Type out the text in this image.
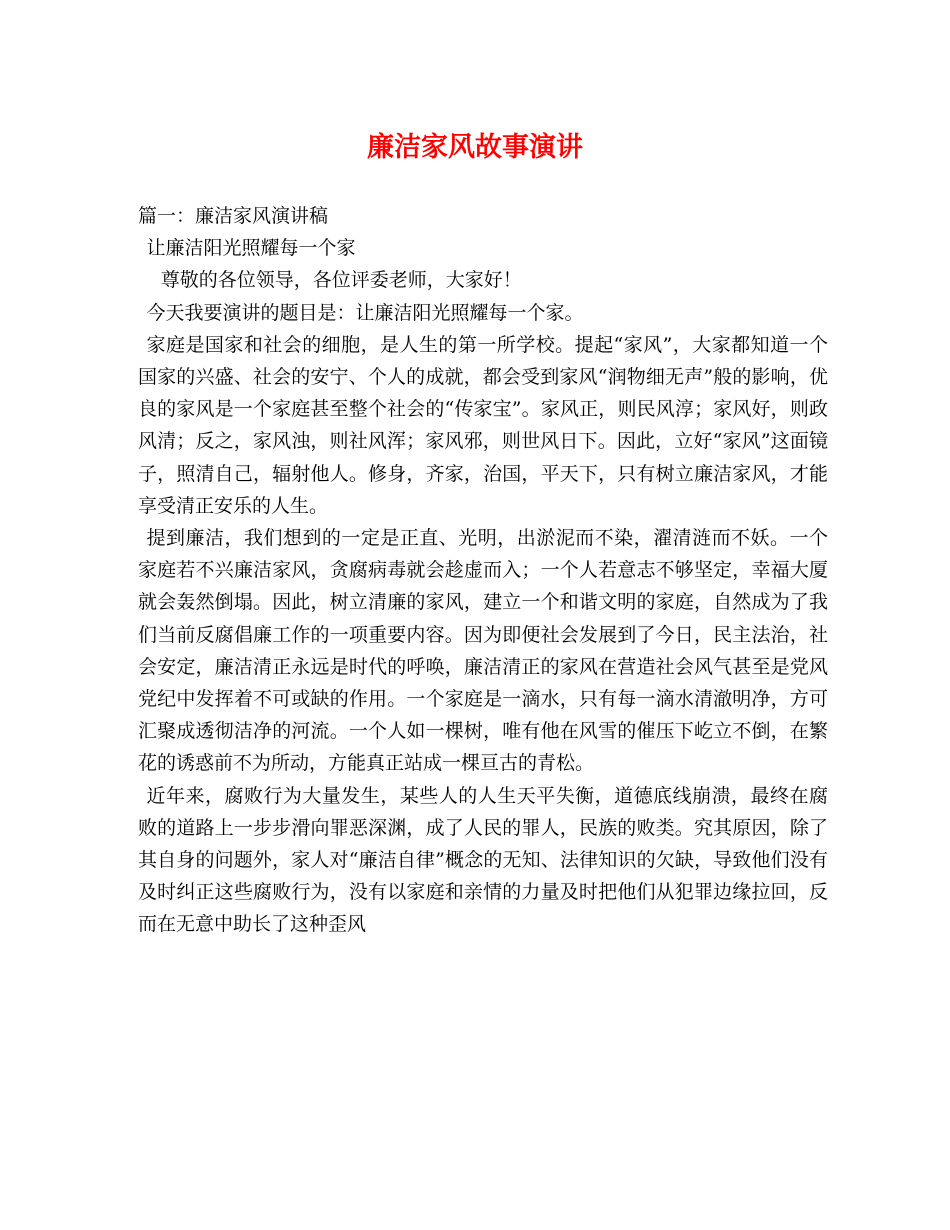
廉洁家风故事演讲

篇一：廉洁家风演讲稿

让廉洁阳光照耀每一个家

尊敬的各位领导，各位评委老师，大家好！

今天我要演讲的题目是：让廉洁阳光照耀每一个家。

家庭是国家和社会的细胞，是人生的第一所学校。提起“家风”，大家都知道一个国家的兴盛、社会的安宁、个人的成就，都会受到家风“润物细无声”般的影响，优良的家风是一个家庭甚至整个社会的“传家宝”。家风正，则民风淳；家风好，则政风清；反之，家风浊，则社风浑；家风邪，则世风日下。因此，立好“家风”这面镜子，照清自己，辐射他人。修身，齐家，治国，平天下，只有树立廉洁家风，才能享受清正安乐的人生。

提到廉洁，我们想到的一定是正直、光明，出淤泥而不染，濯清涟而不妖。一个家庭若不兴廉洁家风，贪腐病毒就会趁虚而入；一个人若意志不够坚定，幸福大厦就会轰然倒塌。因此，树立清廉的家风，建立一个和谐文明的家庭，自然成为了我们当前反腐倡廉工作的一项重要内容。因为即便社会发展到了今日，民主法治，社会安定，廉洁清正永远是时代的呼唤，廉洁清正的家风在营造社会风气甚至是党风党纪中发挥着不可或缺的作用。一个家庭是一滴水，只有每一滴水清澈明净，方可汇聚成透彻洁净的河流。一个人如一棵树，唯有他在风雪的催压下屹立不倒，在繁花的诱惑前不为所动，方能真正站成一棵亘古的青松。

近年来，腐败行为大量发生，某些人的人生天平失衡，道德底线崩溃，最终在腐败的道路上一步步滑向罪恶深渊，成了人民的罪人，民族的败类。究其原因，除了其自身的问题外，家人对“廉洁自律”概念的无知、法律知识的欠缺，导致他们没有及时纠正这些腐败行为，没有以家庭和亲情的力量及时把他们从犯罪边缘拉回，反而在无意中助长了这种歪风
